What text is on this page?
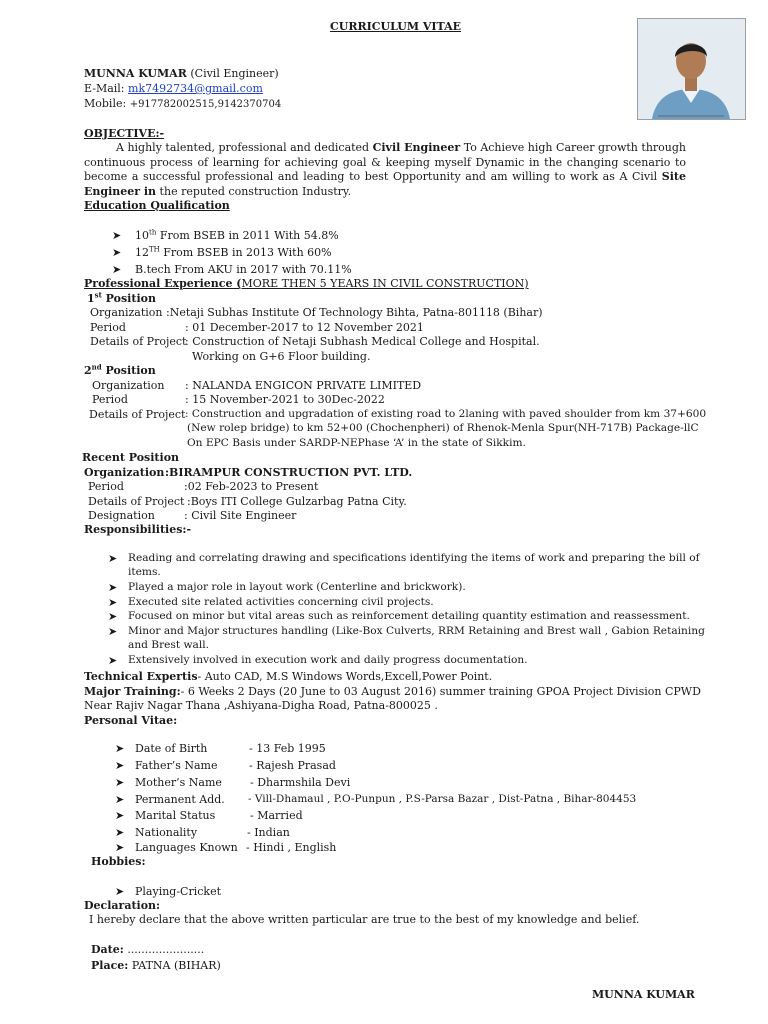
CURRICULUM VITAE
MUNNA KUMAR (Civil Engineer)
E-Mail: mk7492734@gmail.com
Mobile: +917782002515,9142370704
OBJECTIVE:-
A highly talented, professional and dedicated Civil Engineer To Achieve high Career growth through continuous process of learning for achieving goal & keeping myself Dynamic in the changing scenario to become a successful professional and leading to best Opportunity and am willing to work as A Civil Site Engineer in the reputed construction Industry.
Education Qualification
➤ 10th From BSEB in 2011 With 54.8%
➤ 12TH From BSEB in 2013 With 60%
➤ B.tech From AKU in 2017 with 70.11%
Professional Experience (MORE THEN 5 YEARS IN CIVIL CONSTRUCTION)
1st Position
Organization :Netaji Subhas Institute Of Technology Bihta, Patna-801118 (Bihar)
Period	: 01 December-2017 to 12 November 2021
Details of Project
: Construction of Netaji Subhash Medical College and Hospital.
Working on G+6 Floor building.
2nd Position
Organization : NALANDA ENGICON PRIVATE LIMITED
Period	: 15 November-2021 to 30Dec-2022
Details of Project : Construction and upgradation of existing road to 2laning with paved shoulder from km 37+600
(New rolep bridge) to km 52+00 (Chochenpheri) of Rhenok-Menla Spur(NH-717B) Package-llC
On EPC Basis under SARDP-NEPhase ‘A’ in the state of Sikkim.
Recent Position
Organization :BIRAMPUR CONSTRUCTION PVT. LTD.
Period	:02 Feb-2023 to Present
Details of Project :Boys ITI College Gulzarbag Patna City.
Designation	: Civil Site Engineer
Responsibilities:-
➤ Reading and correlating drawing and specifications identifying the items of work and preparing the bill of
items.
➤ Played a major role in layout work (Centerline and brickwork).
➤ Executed site related activities concerning civil projects.
➤ Focused on minor but vital areas such as reinforcement detailing quantity estimation and reassessment.
➤ Minor and Major structures handling (Like-Box Culverts, RRM Retaining and Brest wall , Gabion Retaining
and Brest wall.
➤ Extensively involved in execution work and daily progress documentation.
Technical Expertis- Auto CAD, M.S Windows Words,Excell,Power Point.
Major Training:- 6 Weeks 2 Days (20 June to 03 August 2016) summer training GPOA Project Division CPWD
Near Rajiv Nagar Thana ,Ashiyana-Digha Road, Patna-800025 .
Personal Vitae:
➤ Date of Birth	- 13 Feb 1995
➤ Father’s Name	- Rajesh Prasad
➤ Mother’s Name	- Dharmshila Devi
➤ Permanent Add. - Vill-Dhamaul , P.O-Punpun , P.S-Parsa Bazar , Dist-Patna , Bihar-804453
➤ Marital Status	- Married
➤ Nationality	- Indian
➤ Languages Known - Hindi , English
Hobbies:
➤ Playing-Cricket
Declaration:
I hereby declare that the above written particular are true to the best of my knowledge and belief.
Date: ......................
Place: PATNA (BIHAR)
MUNNA KUMAR
